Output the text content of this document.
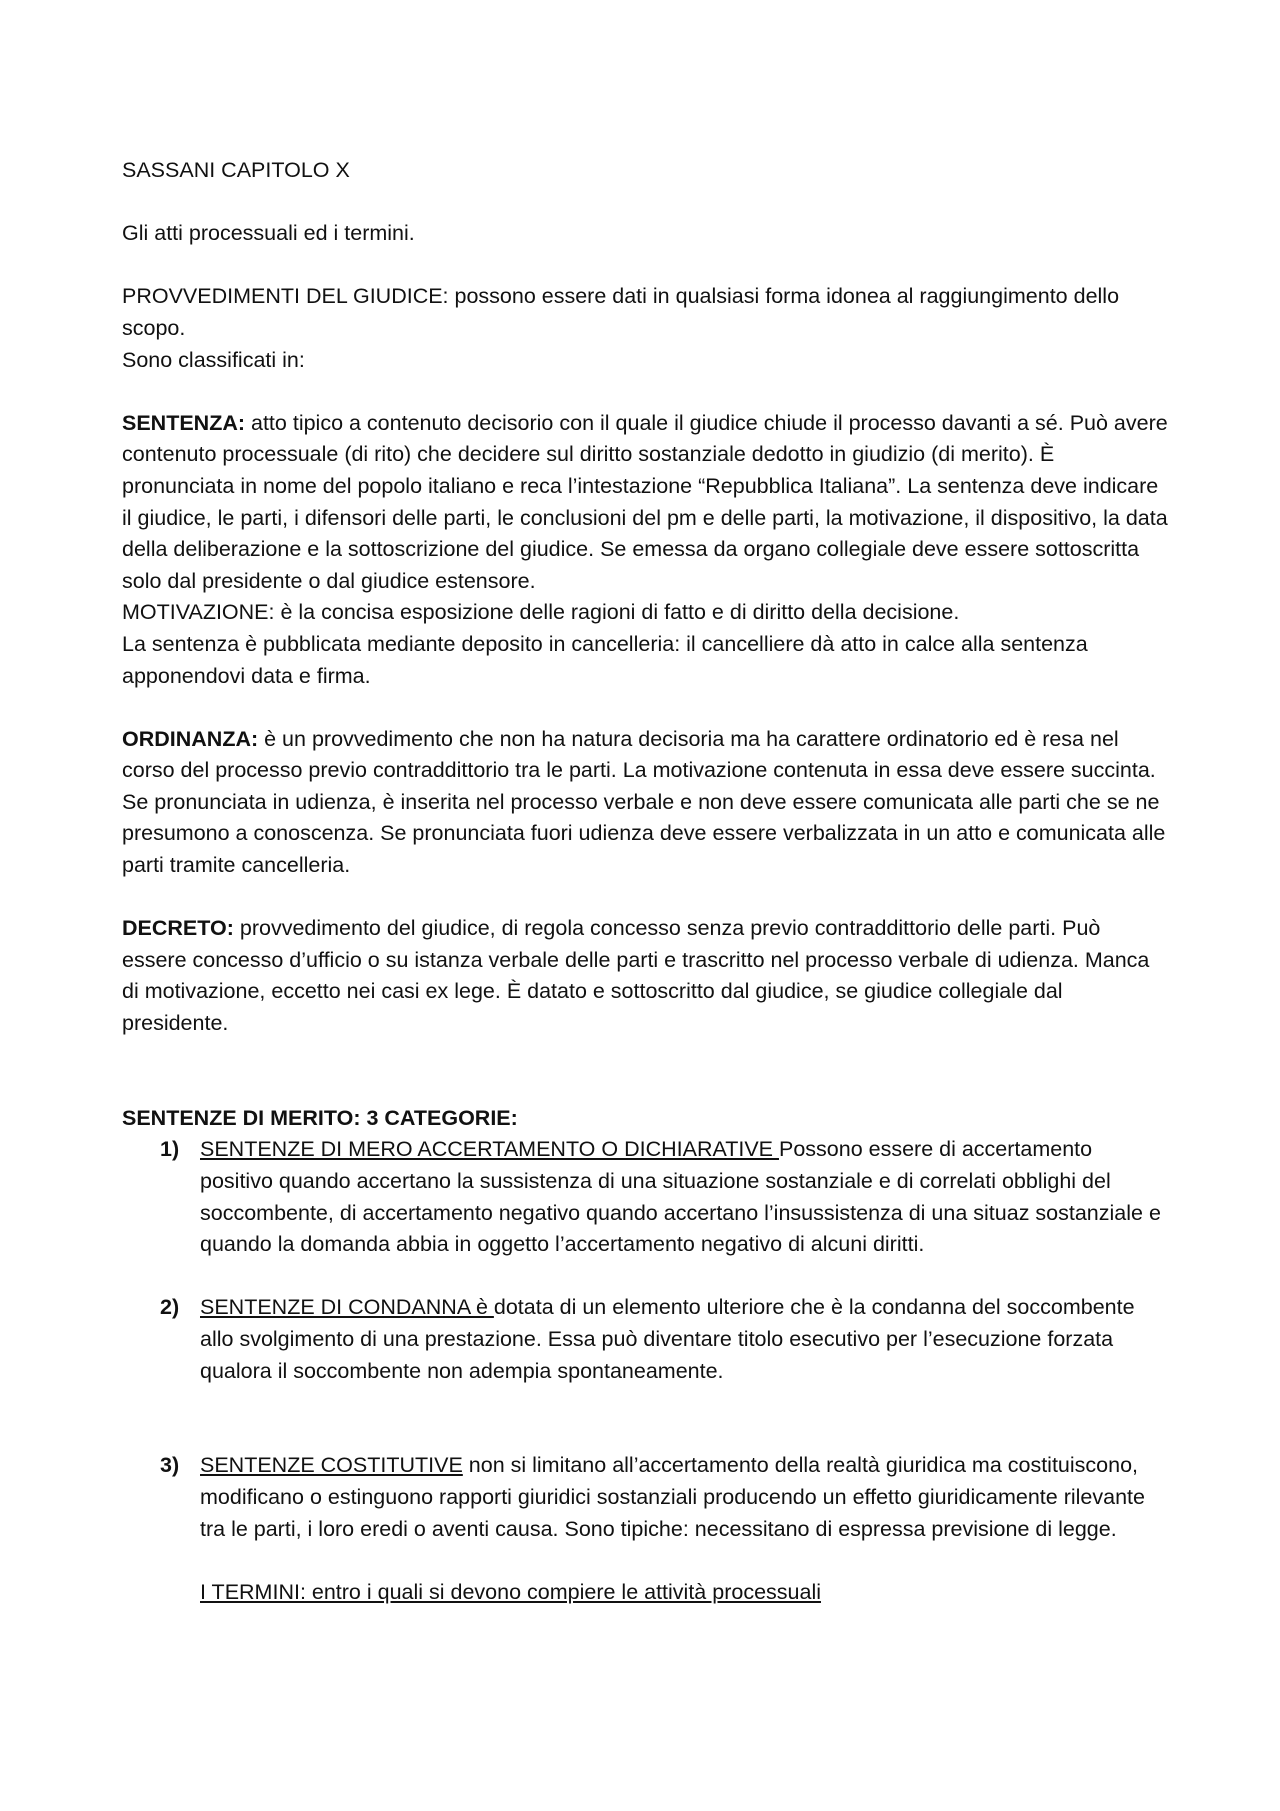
SASSANI CAPITOLO X

Gli atti processuali ed i termini.

PROVVEDIMENTI DEL GIUDICE: possono essere dati in qualsiasi forma idonea al raggiungimento dello scopo.
Sono classificati in:
SENTENZA: atto tipico a contenuto decisorio con il quale il giudice chiude il processo davanti a sé. Può avere contenuto processuale (di rito) che decidere sul diritto sostanziale dedotto in giudizio (di merito). È pronunciata in nome del popolo italiano e reca l’intestazione “Repubblica Italiana”. La sentenza deve indicare il giudice, le parti, i difensori delle parti, le conclusioni del pm e delle parti, la motivazione, il dispositivo, la data della deliberazione e la sottoscrizione del giudice. Se emessa da organo collegiale deve essere sottoscritta solo dal presidente o dal giudice estensore.
MOTIVAZIONE: è la concisa esposizione delle ragioni di fatto e di diritto della decisione.
La sentenza è pubblicata mediante deposito in cancelleria: il cancelliere dà atto in calce alla sentenza apponendovi data e firma.

ORDINANZA: è un provvedimento che non ha natura decisoria ma ha carattere ordinatorio ed è resa nel corso del processo previo contraddittorio tra le parti. La motivazione contenuta in essa deve essere succinta. Se pronunciata in udienza, è inserita nel processo verbale e non deve essere comunicata alle parti che se ne presumono a conoscenza. Se pronunciata fuori udienza deve essere verbalizzata in un atto e comunicata alle parti tramite cancelleria.

DECRETO: provvedimento del giudice, di regola concesso senza previo contraddittorio delle parti. Può essere concesso d’ufficio o su istanza verbale delle parti e trascritto nel processo verbale di udienza. Manca di motivazione, eccetto nei casi ex lege. È datato e sottoscritto dal giudice, se giudice collegiale dal presidente.

SENTENZE DI MERITO: 3 CATEGORIE:
1) SENTENZE DI MERO ACCERTAMENTO O DICHIARATIVE Possono essere di accertamento positivo quando accertano la sussistenza di una situazione sostanziale e di correlati obblighi del soccombente, di accertamento negativo quando accertano l’insussistenza di una situaz sostanziale e quando la domanda abbia in oggetto l’accertamento negativo di alcuni diritti.
2) SENTENZE DI CONDANNA è dotata di un elemento ulteriore che è la condanna del soccombente allo svolgimento di una prestazione. Essa può diventare titolo esecutivo per l’esecuzione forzata qualora il soccombente non adempia spontaneamente.
3) SENTENZE COSTITUTIVE non si limitano all’accertamento della realtà giuridica ma costituiscono, modificano o estinguono rapporti giuridici sostanziali producendo un effetto giuridicamente rilevante tra le parti, i loro eredi o aventi causa. Sono tipiche: necessitano di espressa previsione di legge.
I TERMINI: entro i quali si devono compiere le attività processuali
